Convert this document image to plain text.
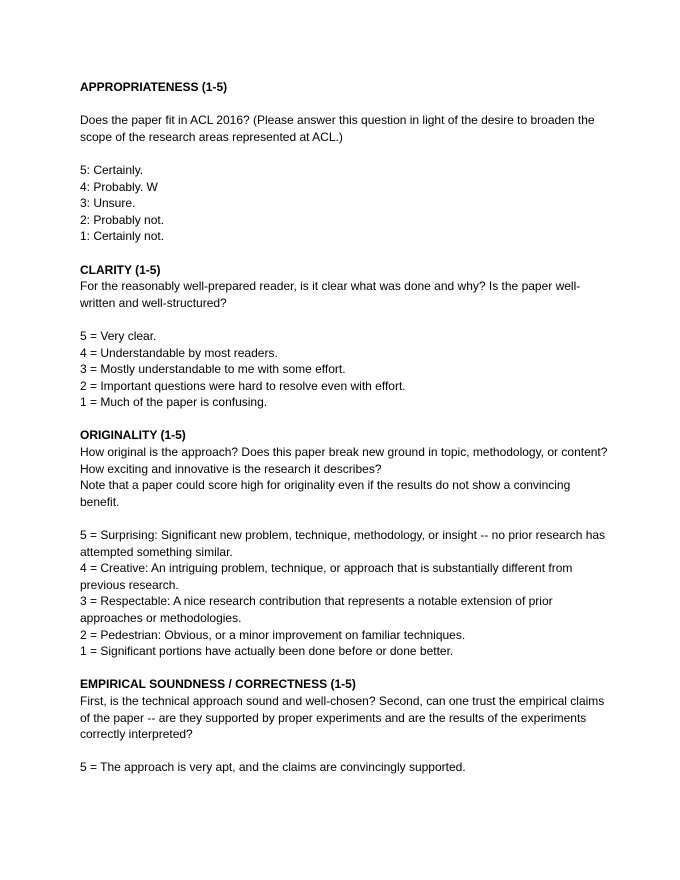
APPROPRIATENESS (1-5)

Does the paper fit in ACL 2016? (Please answer this question in light of the desire to broaden the scope of the research areas represented at ACL.)

5: Certainly.
4: Probably. W
3: Unsure.
2: Probably not.
1: Certainly not.

CLARITY (1-5)

For the reasonably well-prepared reader, is it clear what was done and why? Is the paper well-written and well-structured?

5 = Very clear.
4 = Understandable by most readers.
3 = Mostly understandable to me with some effort.
2 = Important questions were hard to resolve even with effort.
1 = Much of the paper is confusing.

ORIGINALITY (1-5)

How original is the approach? Does this paper break new ground in topic, methodology, or content? How exciting and innovative is the research it describes?

Note that a paper could score high for originality even if the results do not show a convincing benefit.

5 = Surprising: Significant new problem, technique, methodology, or insight -- no prior research has attempted something similar.
4 = Creative: An intriguing problem, technique, or approach that is substantially different from previous research.
3 = Respectable: A nice research contribution that represents a notable extension of prior approaches or methodologies.
2 = Pedestrian: Obvious, or a minor improvement on familiar techniques.
1 = Significant portions have actually been done before or done better.

EMPIRICAL SOUNDNESS / CORRECTNESS (1-5)

First, is the technical approach sound and well-chosen? Second, can one trust the empirical claims of the paper -- are they supported by proper experiments and are the results of the experiments correctly interpreted?

5 = The approach is very apt, and the claims are convincingly supported.
